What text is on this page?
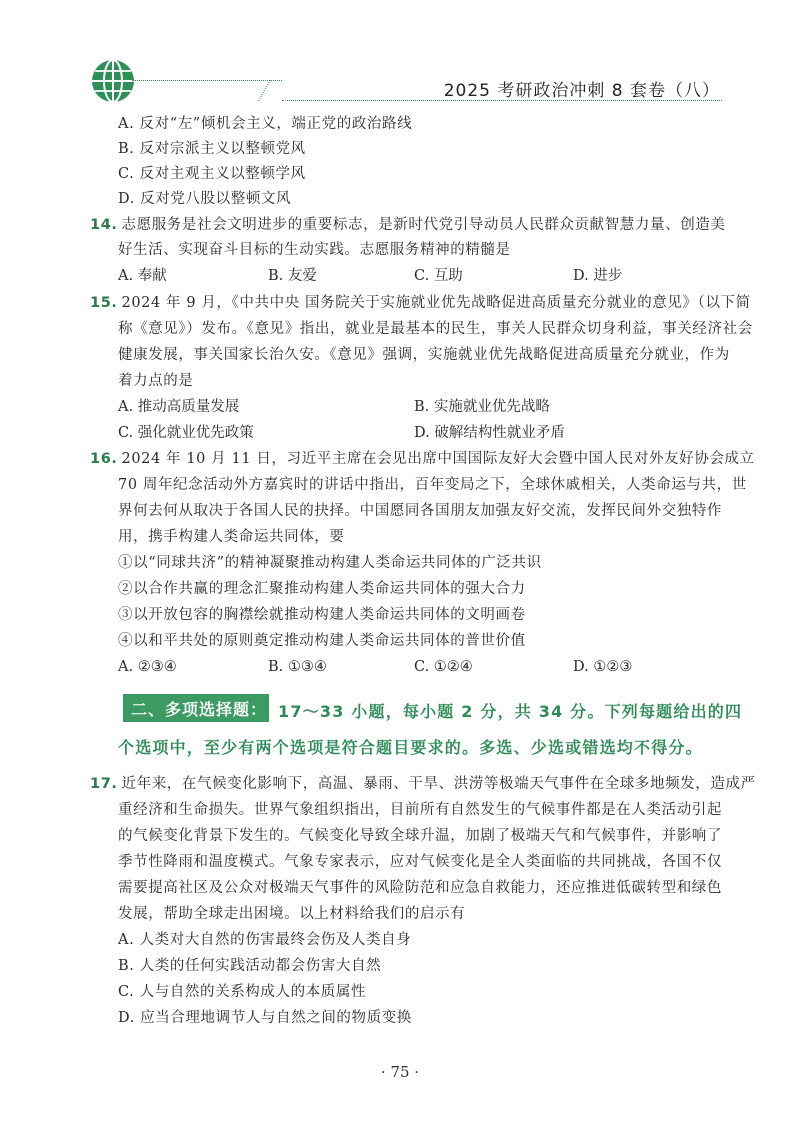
2025 考研政治冲刺 8 套卷（八）
A. 反对“左”倾机会主义，端正党的政治路线
B. 反对宗派主义以整顿党风
C. 反对主观主义以整顿学风
D. 反对党八股以整顿文风
14. 志愿服务是社会文明进步的重要标志，是新时代党引导动员人民群众贡献智慧力量、创造美
好生活、实现奋斗目标的生动实践。志愿服务精神的精髓是
A. 奉献	B. 友爱	C. 互助	D. 进步
15. 2024 年 9 月，《中共中央 国务院关于实施就业优先战略促进高质量充分就业的意见》（以下简
称《意见》）发布。《意见》指出，就业是最基本的民生，事关人民群众切身利益，事关经济社会
健康发展，事关国家长治久安。《意见》强调，实施就业优先战略促进高质量充分就业，作为
着力点的是
A. 推动高质量发展	B. 实施就业优先战略
C. 强化就业优先政策	D. 破解结构性就业矛盾
16. 2024 年 10 月 11 日，习近平主席在会见出席中国国际友好大会暨中国人民对外友好协会成立
70 周年纪念活动外方嘉宾时的讲话中指出，百年变局之下，全球休戚相关，人类命运与共，世
界何去何从取决于各国人民的抉择。中国愿同各国朋友加强友好交流，发挥民间外交独特作
用，携手构建人类命运共同体，要
①以“同球共济”的精神凝聚推动构建人类命运共同体的广泛共识
②以合作共赢的理念汇聚推动构建人类命运共同体的强大合力
③以开放包容的胸襟绘就推动构建人类命运共同体的文明画卷
④以和平共处的原则奠定推动构建人类命运共同体的普世价值
A. ②③④	B. ①③④	C. ①②④	D. ①②③
二、多项选择题： 17～33 小题，每小题 2 分，共 34 分。下列每题给出的四
个选项中，至少有两个选项是符合题目要求的。多选、少选或错选均不得分。
17. 近年来，在气候变化影响下，高温、暴雨、干旱、洪涝等极端天气事件在全球多地频发，造成严
重经济和生命损失。世界气象组织指出，目前所有自然发生的气候事件都是在人类活动引起
的气候变化背景下发生的。气候变化导致全球升温，加剧了极端天气和气候事件，并影响了
季节性降雨和温度模式。气象专家表示，应对气候变化是全人类面临的共同挑战，各国不仅
需要提高社区及公众对极端天气事件的风险防范和应急自救能力，还应推进低碳转型和绿色
发展，帮助全球走出困境。以上材料给我们的启示有
A. 人类对大自然的伤害最终会伤及人类自身
B. 人类的任何实践活动都会伤害大自然
C. 人与自然的关系构成人的本质属性
D. 应当合理地调节人与自然之间的物质变换
· 75 ·
